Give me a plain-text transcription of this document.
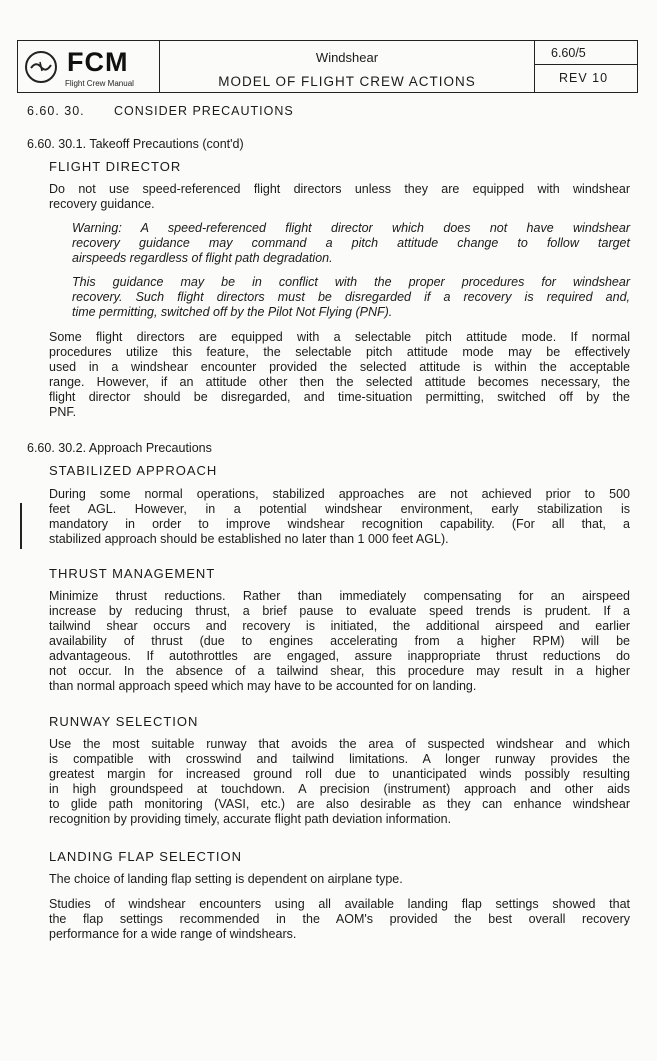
FCM
Flight Crew Manual
Windshear
MODEL OF FLIGHT CREW ACTIONS
6.60/5
REV 10
6.60. 30. CONSIDER PRECAUTIONS
6.60. 30.1. Takeoff Precautions (cont'd)
FLIGHT DIRECTOR
Do not use speed-referenced flight directors unless they are equipped with windshear
recovery guidance.
Warning: A speed-referenced flight director which does not have windshear
recovery guidance may command a pitch attitude change to follow target
airspeeds regardless of flight path degradation.
This guidance may be in conflict with the proper procedures for windshear
recovery. Such flight directors must be disregarded if a recovery is required and,
time permitting, switched off by the Pilot Not Flying (PNF).
Some flight directors are equipped with a selectable pitch attitude mode. If normal
procedures utilize this feature, the selectable pitch attitude mode may be effectively
used in a windshear encounter provided the selected attitude is within the acceptable
range. However, if an attitude other then the selected attitude becomes necessary, the
flight director should be disregarded, and time-situation permitting, switched off by the
PNF.
6.60. 30.2. Approach Precautions
STABILIZED APPROACH
During some normal operations, stabilized approaches are not achieved prior to 500
feet AGL. However, in a potential windshear environment, early stabilization is
mandatory in order to improve windshear recognition capability. (For all that, a
stabilized approach should be established no later than 1 000 feet AGL).
THRUST MANAGEMENT
Minimize thrust reductions. Rather than immediately compensating for an airspeed
increase by reducing thrust, a brief pause to evaluate speed trends is prudent. If a
tailwind shear occurs and recovery is initiated, the additional airspeed and earlier
availability of thrust (due to engines accelerating from a higher RPM) will be
advantageous. If autothrottles are engaged, assure inappropriate thrust reductions do
not occur. In the absence of a tailwind shear, this procedure may result in a higher
than normal approach speed which may have to be accounted for on landing.
RUNWAY SELECTION
Use the most suitable runway that avoids the area of suspected windshear and which
is compatible with crosswind and tailwind limitations. A longer runway provides the
greatest margin for increased ground roll due to unanticipated winds possibly resulting
in high groundspeed at touchdown. A precision (instrument) approach and other aids
to glide path monitoring (VASI, etc.) are also desirable as they can enhance windshear
recognition by providing timely, accurate flight path deviation information.
LANDING FLAP SELECTION
The choice of landing flap setting is dependent on airplane type.
Studies of windshear encounters using all available landing flap settings showed that
the flap settings recommended in the AOM's provided the best overall recovery
performance for a wide range of windshears.
